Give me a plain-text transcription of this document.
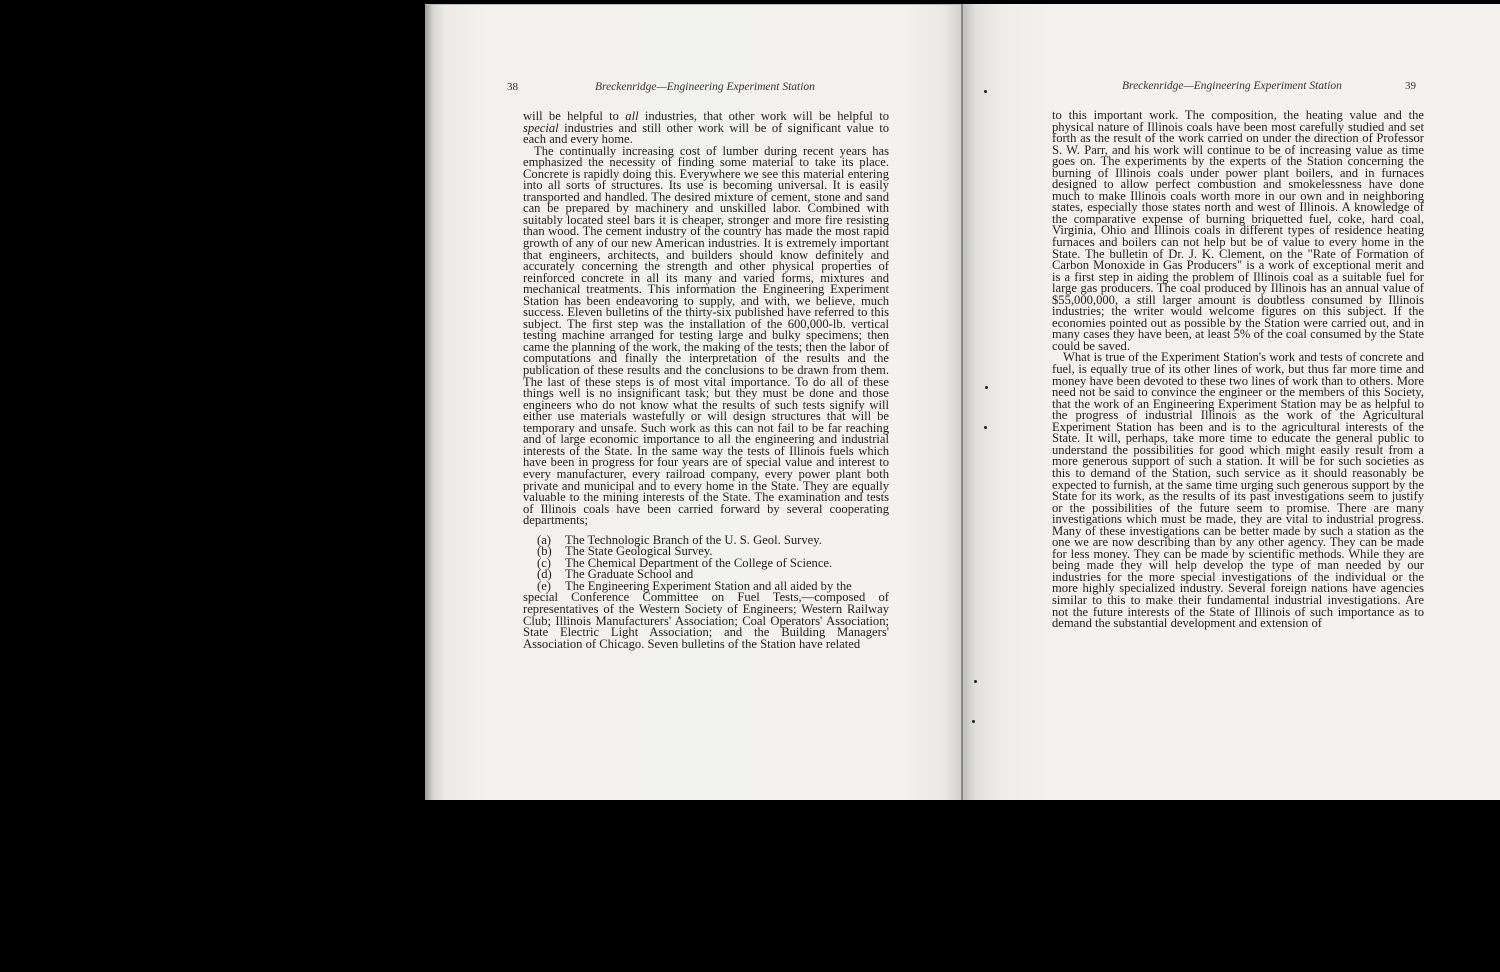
38	Breckenridge—Engineering Experiment Station

will be helpful to all industries, that other work will be helpful to special industries and still other work will be of significant value to each and every home.

The continually increasing cost of lumber during recent years has emphasized the necessity of finding some material to take its place. Concrete is rapidly doing this. Everywhere we see this material entering into all sorts of structures. Its use is becoming universal. It is easily transported and handled. The desired mixture of cement, stone and sand can be prepared by machinery and unskilled labor. Combined with suitably located steel bars it is cheaper, stronger and more fire resisting than wood. The cement industry of the country has made the most rapid growth of any of our new American industries. It is extremely important that engineers, architects, and builders should know definitely and accurately concerning the strength and other physical properties of reinforced concrete in all its many and varied forms, mixtures and mechanical treatments. This information the Engineering Experiment Station has been endeavoring to supply, and with, we believe, much success. Eleven bulletins of the thirty-six published have referred to this subject. The first step was the installation of the 600,000-lb. vertical testing machine arranged for testing large and bulky specimens; then came the planning of the work, the making of the tests; then the labor of computations and finally the interpretation of the results and the publication of these results and the conclusions to be drawn from them. The last of these steps is of most vital importance. To do all of these things well is no insignificant task; but they must be done and those engineers who do not know what the results of such tests signify will either use materials wastefully or will design structures that will be temporary and unsafe. Such work as this can not fail to be far reaching and of large economic importance to all the engineering and industrial interests of the State. In the same way the tests of Illinois fuels which have been in progress for four years are of special value and interest to every manufacturer, every railroad company, every power plant both private and municipal and to every home in the State. They are equally valuable to the mining interests of the State. The examination and tests of Illinois coals have been carried forward by several cooperating departments;

(a) The Technologic Branch of the U. S. Geol. Survey.
(b) The State Geological Survey.
(c) The Chemical Department of the College of Science.
(d) The Graduate School and
(e) The Engineering Experiment Station and all aided by the

special Conference Committee on Fuel Tests,—composed of representatives of the Western Society of Engineers; Western Railway Club; Illinois Manufacturers' Association; Coal Operators' Association; State Electric Light Association; and the Building Managers' Association of Chicago. Seven bulletins of the Station have related

Breckenridge—Engineering Experiment Station	39

to this important work. The composition, the heating value and the physical nature of Illinois coals have been most carefully studied and set forth as the result of the work carried on under the direction of Professor S. W. Parr, and his work will continue to be of increasing value as time goes on. The experiments by the experts of the Station concerning the burning of Illinois coals under power plant boilers, and in furnaces designed to allow perfect combustion and smokelessness have done much to make Illinois coals worth more in our own and in neighboring states, especially those states north and west of Illinois. A knowledge of the comparative expense of burning briquetted fuel, coke, hard coal, Virginia, Ohio and Illinois coals in different types of residence heating furnaces and boilers can not help but be of value to every home in the State. The bulletin of Dr. J. K. Clement, on the "Rate of Formation of Carbon Monoxide in Gas Producers" is a work of exceptional merit and is a first step in aiding the problem of Illinois coal as a suitable fuel for large gas producers. The coal produced by Illinois has an annual value of $55,000,000, a still larger amount is doubtless consumed by Illinois industries; the writer would welcome figures on this subject. If the economies pointed out as possible by the Station were carried out, and in many cases they have been, at least 5% of the coal consumed by the State could be saved.

What is true of the Experiment Station's work and tests of concrete and fuel, is equally true of its other lines of work, but thus far more time and money have been devoted to these two lines of work than to others. More need not be said to convince the engineer or the members of this Society, that the work of an Engineering Experiment Station may be as helpful to the progress of industrial Illinois as the work of the Agricultural Experiment Station has been and is to the agricultural interests of the State. It will, perhaps, take more time to educate the general public to understand the possibilities for good which might easily result from a more generous support of such a station. It will be for such societies as this to demand of the Station, such service as it should reasonably be expected to furnish, at the same time urging such generous support by the State for its work, as the results of its past investigations seem to justify or the possibilities of the future seem to promise. There are many investigations which must be made, they are vital to industrial progress. Many of these investigations can be better made by such a station as the one we are now describing than by any other agency. They can be made for less money. They can be made by scientific methods. While they are being made they will help develop the type of man needed by our industries for the more special investigations of the individual or the more highly specialized industry. Several foreign nations have agencies similar to this to make their fundamental industrial investigations. Are not the future interests of the State of Illinois of such importance as to demand the substantial development and extension of
